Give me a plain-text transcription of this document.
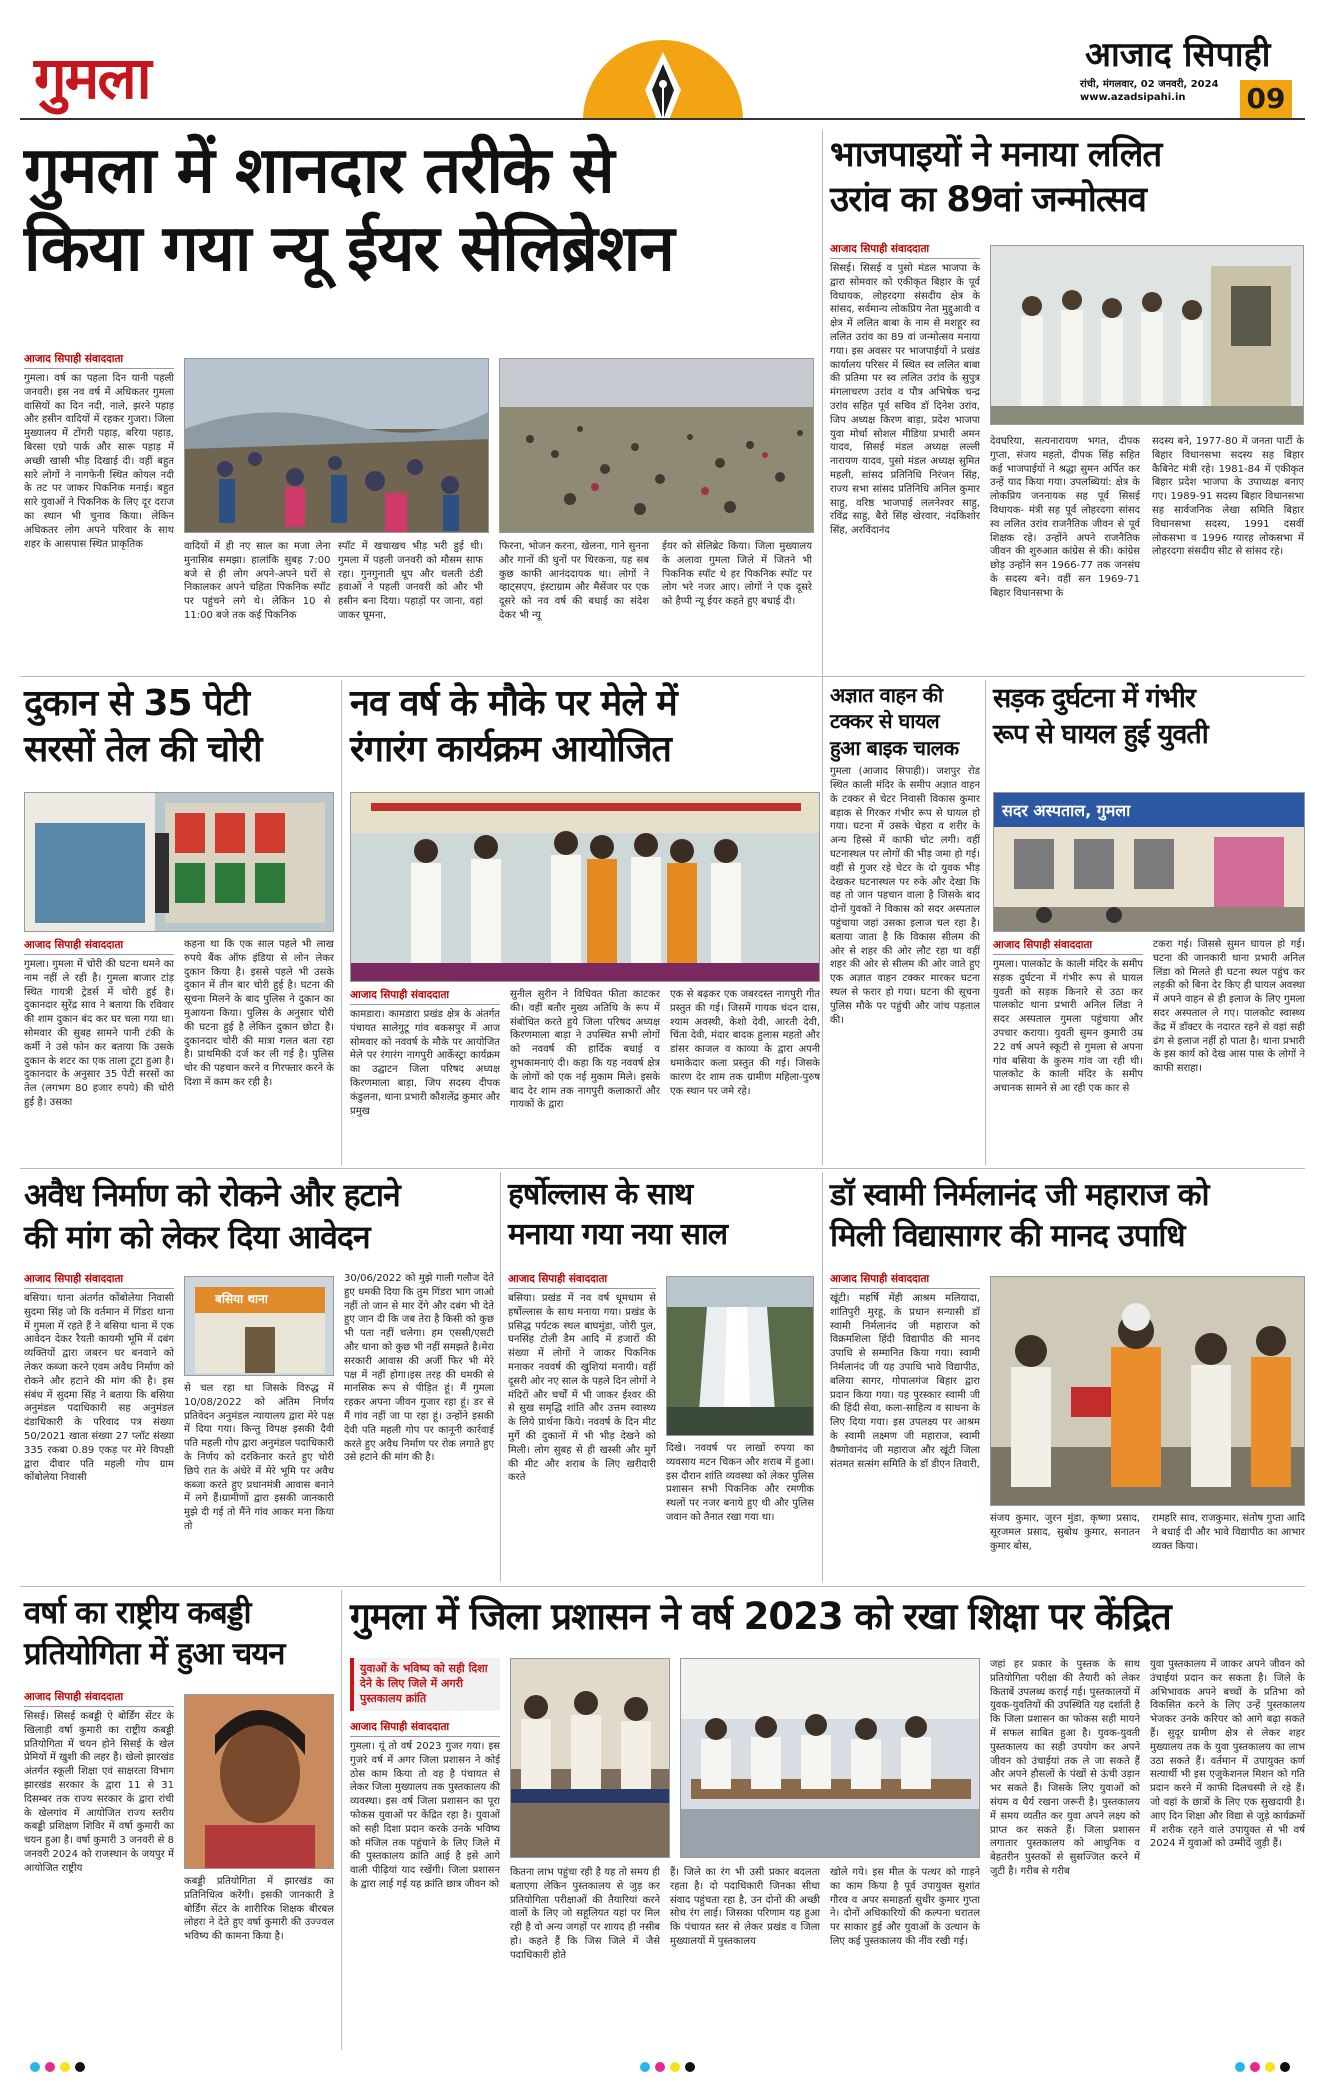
गुमला	आजाद सिपाही
रांची, मंगलवार, 02 जनवरी, 2024
www.azadsipahi.in 09
गुमला में शानदार तरीके से
किया गया न्यू ईयर सेलिब्रेशन
आजाद सिपाही संवाददाता
गुमला। वर्ष का पहला दिन यानी पहली जनवरी। इस नव वर्ष में अधिकतर गुमला वासियों का दिन नदी, नाले, झरने पहाड़ और हसीन वादियों में रहकर गुजरा। जिला मुख्यालय में टोंगरी पहाड़, बरिया पहाड़, बिरसा एग्रो पार्क और सारू पहाड़ में अच्छी खासी भीड़ दिखाई दी। वहीं बहुत सारे लोगों ने नागफेनी स्थित कोयल नदी के तट पर जाकर पिकनिक मनाई। बहुत सारे युवाओं ने पिकनिक के लिए दूर दराज का स्थान भी चुनाव किया। लेकिन अधिकतर लोग अपने परिवार के साथ शहर के आसपास स्थित प्राकृतिक	वादियों में ही नए साल का मजा लेना मुनासिब समझा। हालांकि सुबह 7:00 बजे से ही लोग अपने-अपने घरों से निकालकर अपने चहिता पिकनिक स्पॉट पर पहुंचने लगे थे। लेकिन 10 से 11:00 बजे तक कई पिकनिक
फिरना, भोजन करना, खेलना, गाने सुनना और गानों की धुनों पर थिरकना, यह सब कुछ काफी आनंददायक था। लोगों ने व्हाट्सएप, इंस्टाग्राम और मैसेंजर पर एक दूसरे को नव वर्ष की बधाई का संदेश देकर भी न्यू
ईयर को सेलिब्रेट किया। जिला मुख्यालय के अलावा गुमला जिले में जितने भी पिकनिक स्पॉट थे हर पिकनिक स्पॉट पर लोग भरे नजर आए। लोगों ने एक दूसरे को हैप्पी न्यू ईयर कहते हुए बधाई दी।
स्पॉट में खचाखच भीड़ भरी हुई थी। गुमला में पहली जनवरी को मौसम साफ रहा। गुनगुनाती धूप और चलती ठंडी हवाओं ने पहली जनवरी को और भी हसीन बना दिया। पहाड़ों पर जाना, वहां जाकर घूमना,
भाजपाइयों ने मनाया ललित
उरांव का 89वां जन्मोत्सव
आजाद सिपाही संवाददाता
सिसई। सिसई व पुसो मंडल भाजपा के द्वारा सोमवार को एकीकृत बिहार के पूर्व विधायक, लोहरदगा संसदीय क्षेत्र के सांसद, सर्वमान्य लोकप्रिय नेता मुद्दुआवी व क्षेत्र में ललित बाबा के नाम से मशहूर स्व ललित उरांव का 89 वां जन्मोत्सव मनाया गया। इस अवसर पर भाजपाईयों ने प्रखंड कार्यालय परिसर में स्थित स्व ललित बाबा की प्रतिमा पर स्व ललित उरांव के सुपुत्र मंगलाचरण उरांव व पौत्र अभिषेक चन्द्र उरांव सहित पूर्व सचिव डॉ दिनेश उरांव, जिप अध्यक्ष किरण बाड़ा, प्रदेश भाजपा युवा मोर्चा सोशल मीडिया प्रभारी अमन यादव, सिसई मंडल अध्यक्ष लल्ली नारायण यादव, पुसो मंडल अध्यक्ष सुमित महली, सांसद प्रतिनिधि निरंजन सिंह, राज्य सभा सांसद प्रतिनिधि अनिल कुमार साहु, वरिष्ठ भाजपाई ललनेश्वर साहु, रविंद्र साहु, बैरो सिंह खेरवार, नंदकिशोर सिंह, अरविंदानंद
देवघरिया, सत्यनारायण भगत, दीपक गुप्ता, संजय महतो, दीपक सिंह सहित कई भाजपाईयों ने श्रद्धा सुमन अर्पित कर उन्हें याद किया गया। उपलब्धियां: क्षेत्र के लोकप्रिय जननायक सह पूर्व सिसई विधायक- मंत्री सह पूर्व लोहरदगा सांसद स्व ललित उरांव राजनैतिक जीवन से पूर्व शिक्षक रहे। उन्होंने अपने राजनैतिक जीवन की शुरुआत कांग्रेस से की। कांग्रेस छोड़ उन्होंने सन 1966-77 तक जनसंघ के सदस्य बने। वहीं सन 1969-71 बिहार विधानसभा के
सदस्य बने, 1977-80 में जनता पार्टी के बिहार विधानसभा सदस्य सह बिहार कैबिनेट मंत्री रहे। 1981-84 में एकीकृत बिहार प्रदेश भाजपा के उपाध्यक्ष बनाए गए। 1989-91 सदस्य बिहार विधानसभा सह सार्वजनिक लेखा समिति बिहार विधानसभा सदस्य, 1991 दसवीं लोकसभा व 1996 ग्यारह लोकसभा में लोहरदगा संसदीय सीट से सांसद रहे।
दुकान से 35 पेटी
सरसों तेल की चोरी
आजाद सिपाही संवाददाता
गुमला। गुमला में चोरी की घटना थमने का नाम नहीं ले रही है। गुमला बाजार टांड़ स्थित गायत्री ट्रेडर्स में चोरी हुई है। दुकानदार सुरेंद्र साव ने बताया कि रविवार की शाम दुकान बंद कर घर चला गया था। सोमवार की सुबह सामने पानी टंकी के कर्मी ने उसे फोन कर बताया कि उसके दुकान के शटर का एक ताला टूटा हुआ है। दुकानदार के अनुसार 35 पेटी सरसों का तेल (लगभग 80 हजार रुपये) की चोरी हुई है। उसका
कहना था कि एक साल पहले भी लाख रुपये बैंक ऑफ इंडिया से लोन लेकर दुकान किया है। इससे पहले भी उसके दुकान में तीन बार चोरी हुई है। घटना की सूचना मिलने के बाद पुलिस ने दुकान का मुआयना किया। पुलिस के अनुसार चोरी की घटना हुई है लेकिन दुकान छोटा है। दुकानदार चोरी की मात्रा गलत बता रहा है। प्राथमिकी दर्ज कर ली गई है। पुलिस चोर की पहचान करने व गिरफ्तार करने के दिशा में काम कर रही है।
नव वर्ष के मौके पर मेले में
रंगारंग कार्यक्रम आयोजित
आजाद सिपाही संवाददाता
कामडारा। कामडारा प्रखंड क्षेत्र के अंतर्गत पंचायत सालेगुटू गांव बकसपुर में आज सोमवार को नववर्ष के मौके पर आयोजित मेले पर रंगारंग नागपुरी आर्केस्ट्रा कार्यक्रम का उद्घाटन जिला परिषद अध्यक्ष किरणमाला बाड़ा, जिप सदस्य दीपक कंडुलना, थाना प्रभारी कौशलेंद्र कुमार और प्रमुख
सुनील सुरीन ने विधिवत फीता काटकर की। वहीं बतौर मुख्य अतिथि के रूप में संबोधित करते हुये जिला परिषद अध्यक्ष किरणमाला बाड़ा ने उपस्थित सभी लोगों को नववर्ष की हार्दिक बधाई व शुभकामनाएं दी। कहा कि यह नववर्ष क्षेत्र के लोगों को एक नई मुकाम मिले। इसके बाद देर शाम तक नागपुरी कलाकारों और गायकों के द्वारा
एक से बढ़कर एक जबरदस्त नागपुरी गीत प्रस्तुत की गई। जिसमें गायक चंदन दास, श्याम अवस्थी, केशो देवी, आरती देवी, चिंता देवी, मंदार बादक हुलास महतो और डांसर काजल व काव्या के द्वारा अपनी धमाकेदार कला प्रस्तुत की गई। जिसके कारण देर शाम तक ग्रामीण महिला-पुरुष एक स्थान पर जमे रहे।
अज्ञात वाहन की
टक्कर से घायल
हुआ बाइक चालक
गुमला (आजाद सिपाही)। जशपुर रोड स्थित काली मंदिर के समीप अज्ञात वाहन के टक्कर से चेटर निवासी विकास कुमार बड़ाक से गिरकर गंभीर रूप से घायल हो गया। घटना में उसके चेहरा व शरीर के अन्य हिस्से में काफी चोट लगी। वहीं घटनास्थल पर लोगों की भीड़ जमा हो गई। वहीं से गुजर रहे चेटर के दो युवक भीड़ देखकर घटनास्थल पर रुके और देखा कि वह तो जान पहचान वाला है जिसके बाद दोनों युवकों ने विकास को सदर अस्पताल पहुंचाया जहां उसका इलाज चल रहा है। बताया जाता है कि विकास सीलम की ओर से शहर की ओर लौट रहा था वहीं शहर की ओर से सीलम की ओर जाते हुए एक अज्ञात वाहन टक्कर मारकर घटना स्थल से फरार हो गया। घटना की सूचना पुलिस मौके पर पहुंची और जांच पड़ताल की।
सड़क दुर्घटना में गंभीर
रूप से घायल हुई युवती
सदर अस्पताल, गुमला
आजाद सिपाही संवाददाता
गुमला। पालकोट के काली मंदिर के समीप सड़क दुर्घटना में गंभीर रूप से घायल युवती को सड़क किनारे से उठा कर पालकोट थाना प्रभारी अनिल लिंडा ने सदर अस्पताल गुमला पहुंचाया और उपचार कराया। युवती सुमन कुमारी उम्र 22 वर्ष अपने स्कूटी से गुमला से अपना गांव बसिया के कुरुम गांव जा रही थी। पालकोट के काली मंदिर के समीप अचानक सामने से आ रही एक कार से
टकरा गई। जिससे सुमन घायल हो गई। घटना की जानकारी थाना प्रभारी अनिल लिंडा को मिलते ही घटना स्थल पहुंच कर लड़की को बिना देर किए ही घायल अवस्था में अपने वाहन से ही इलाज के लिए गुमला सदर अस्पताल ले गए। पालकोट स्वास्थ्य केंद्र में डॉक्टर के नदारत रहने से वहां सही ढंग से इलाज नहीं हो पाता है। थाना प्रभारी के इस कार्य को देख आस पास के लोगों ने काफी सराहा।
अवैध निर्माण को रोकने और हटाने
की मांग को लेकर दिया आवेदन
आजाद सिपाही संवाददाता
बसिया। थाना अंतर्गत कोंबोलेया निवासी सुदमा सिंह जो कि वर्तमान में गिंडरा थाना में गुमला में रहते हैं ने बसिया थाना में एक आवेदन देकर रैयती कायमी भूमि में दबंग व्यक्तियों द्वारा जबरन घर बनवाने को लेकर कब्जा करने एवम अवैध निर्माण को रोकने और हटाने की मांग की है। इस संबंध में सुदमा सिंह ने बताया कि बसिया अनुमंडल पदाधिकारी सह अनुमंडल दंडाधिकारी के परिवाद पत्र संख्या 50/2021 खाता संख्या 27 प्लॉट संख्या 335 रकबा 0.89 एकड़ पर मेरे विपक्षी द्वारा दीवार पति महली गोप ग्राम कोंबोलेया निवासी
बसिया थाना
से चल रहा था जिसके विरुद्ध में 10/08/2022 को अंतिम निर्णय प्रतिवेदन अनुमंडल न्यायालय द्वारा मेरे पक्ष में दिया गया। किन्तु विपक्ष इसकी दैवी पति महली गोप द्वारा अनुमंडल पदाधिकारी के निर्णय को दरकिनार करते हुए चोरी छिपे रात के अंधेरे में मेरे भूमि पर अवैध कब्जा करते हुए प्रधानमंत्री आवास बनाने में लगे हैं।ग्रामीणों द्वारा इसकी जानकारी मुझे दी गई तो मैंने गांव आकर मना किया तो
30/06/2022 को मुझे गाली गलौज देते हुए धमकी दिया कि तुम गिंडरा भाग जाओ नहीं तो जान से मार देंगे और दबंग भी देते हुए जान दी कि जब तेरा है किसी को कुछ भी पता नहीं चलेगा। हम एससी/एसटी और थाना को कुछ भी नहीं समझते है।मेरा सरकारी आवास की अर्जी फिर भी मेरे पक्ष में नहीं होगा।इस तरह की धमकी से मानसिक रूप से पीड़ित हूं। मैं गुमला रहकर अपना जीवन गुजार रहा हूं। डर से मैं गांव नहीं जा पा रहा हूं। उन्होंने इसकी देवी पति महली गोप पर कानूनी कार्रवाई करते हुए अवैध निर्माण पर रोक लगाते हुए उसे हटाने की मांग की है।
हर्षोल्लास के साथ
मनाया गया नया साल
आजाद सिपाही संवाददाता
बसिया। प्रखंड में नव वर्ष धूमधाम से हर्षोल्लास के साथ मनाया गया। प्रखंड के प्रसिद्ध पर्यटक स्थल बाघमुंडा, जोरी पुल, घनसिंह टोली डैम आदि में हजारों की संख्या में लोगों ने जाकर पिकनिक मनाकर नववर्ष की खुशियां मनायी। वहीं दूसरी ओर नए साल के पहले दिन लोगों ने मंदिरों और चर्चों में भी जाकर ईश्वर की से सुख समृद्धि शांति और उत्तम स्वास्थ्य के लिये प्रार्थना किये। नववर्ष के दिन मीट मुर्गे की दुकानों में भी भीड़ देखने को मिली। लोग सुबह से ही खस्सी और मुर्गे की मीट और शराब के लिए खरीदारी करते
दिखे। नववर्ष पर लाखों रुपया का व्यवसाय मटन चिकन और शराब में हुआ।इस दौरान शांति व्यवस्था को लेकर पुलिस प्रशासन सभी पिकनिक और रमणीक स्थलों पर नजर बनाये हुए थी और पुलिस जवान को तैनात रखा गया था।
डॉ स्वामी निर्मलानंद जी महाराज को
मिली विद्यासागर की मानद उपाधि
आजाद सिपाही संवाददाता
खूंटी। महर्षि मेंही आश्रम मलियादा, शांतिपुरी मुरहू, के प्रधान सन्यासी डॉ स्वामी निर्मलानंद जी महाराज को विक्रमशिला हिंदी विद्यापीठ की मानद उपाधि से सम्मानित किया गया। स्वामी निर्मलानंद जी यह उपाधि भावे विद्यापीठ, बलिया सागर, गोपालगंज बिहार द्वारा प्रदान किया गया। यह पुरस्कार स्वामी जी की हिंदी सेवा, कला-साहित्य व साधना के लिए दिया गया। इस उपलक्ष्य पर आश्रम के स्वामी लक्ष्मण जी महाराज, स्वामी वैष्णोवानंद जी महाराज और खूंटी जिला संतमत सत्संग समिति के डॉ डीएन तिवारी,
संजय कुमार, जुरन मुंडा, कृष्णा प्रसाद, सूरजमल प्रसाद, सुबोध कुमार, सनातन कुमार बोस,
रामहरि साव, राजकुमार, संतोष गुप्ता आदि ने बधाई दी और भावे विद्यापीठ का आभार व्यक्त किया।
वर्षा का राष्ट्रीय कबड्डी
प्रतियोगिता में हुआ चयन
आजाद सिपाही संवाददाता
सिसई। सिसई कबड्डी ऐ बोर्डिंग सेंटर के खिलाड़ी वर्षा कुमारी का राष्ट्रीय कबड्डी प्रतियोगिता में चयन होने सिसई के खेल प्रेमियों में खुशी की लहर है। खेलो झारखंड अंतर्गत स्कूली शिक्षा एवं साक्षरता विभाग झारखंड सरकार के द्वारा 11 से 31 दिसम्बर तक राज्य सरकार के द्वारा रांची के खेलगांव में आयोजित राज्य स्तरीय कबड्डी प्रशिक्षण शिविर में वर्षा कुमारी का चयन हुआ है। वर्षा कुमारी 3 जनवरी से 8 जनवरी 2024 को राजस्थान के जयपुर में आयोजित राष्ट्रीय
कबड्डी प्रतियोगिता में झारखंड का प्रतिनिधित्व करेंगी। इसकी जानकारी डे बोर्डिंग सेंटर के शारीरिक शिक्षक बीरबल लोहरा ने देते हुए वर्षा कुमारी की उज्ज्वल भविष्य की कामना किया है।
गुमला में जिला प्रशासन ने वर्ष 2023 को रखा शिक्षा पर केंद्रित
युवाओं के भविष्य को सही दिशा देने के लिए जिले में अगरी पुस्तकालय क्रांति
आजाद सिपाही संवाददाता
गुमला। यूं तो वर्ष 2023 गुजर गया। इस गुजरे वर्ष में अगर जिला प्रशासन ने कोई ठोस काम किया तो वह है पंचायत से लेकर जिला मुख्यालय तक पुस्तकालय की व्यवस्था। इस वर्ष जिला प्रशासन का पूरा फोकस युवाओं पर केंद्रित रहा है। युवाओं को सही दिशा प्रदान करके उनके भविष्य को मंजिल तक पहुंचाने के लिए जिले में की पुस्तकालय क्रांति आई है इसे आगे वाली पीढ़ियां याद रखेंगी। जिला प्रशासन के द्वारा लाई गई यह क्रांति छात्र जीवन को
कितना लाभ पहुंचा रही है यह तो समय ही बताएगा लेकिन पुस्तकालय से जुड़ कर प्रतियोगिता परीक्षाओं की तैयारियां करने वालों के लिए जो सहूलियत यहां पर मिल रही है वो अन्य जगहों पर शायद ही नसीब हो। कहते हैं कि जिस जिले में जैसे पदाधिकारी होते
हैं। जिले का रंग भी उसी प्रकार बदलता रहता है। दो पदाधिकारी जिनका सीधा संवाद पहुंचता रहा है, उन दोनों की अच्छी सोच रंग लाई। जिसका परिणाम यह हुआ कि पंचायत स्तर से लेकर प्रखंड व जिला मुख्यालयों में पुस्तकालय
खोले गये। इस मील के पत्थर को गाड़ने का काम किया है पूर्व उपायुक्त सुशांत गौरव व अपर समाहर्ता सुधीर कुमार गुप्ता ने। दोनों अधिकारियों की कल्पना धरातल पर साकार हुई और युवाओं के उत्थान के लिए कई पुस्तकालय की नींव रखी गई।
जहां हर प्रकार के पुस्तक के साथ प्रतियोगिता परीक्षा की तैयारी को लेकर किताबें उपलब्ध कराई गई। पुस्तकालयों में युवक-युवतियों की उपस्थिति यह दर्शाती है कि जिला प्रशासन का फोकस सही मायने में सफल साबित हुआ है। युवक-युवती पुस्तकालय का सही उपयोग कर अपने जीवन को उंचाईयां तक ले जा सकते हैं और अपने हौसलों के पंखों से ऊंची उड़ान भर सकते हैं। जिसके लिए युवाओं को संयम व धैर्य रखना जरूरी है। पुस्तकालय में समय व्यतीत कर युवा अपने लक्ष्य को प्राप्त कर सकते हैं। जिला प्रशासन लगातार पुस्तकालय को आधुनिक व बेहतरीन पुस्तकों से सुसज्जित करने में जुटी है। गरीब से गरीब
युवा पुस्तकालय में जाकर अपने जीवन को उंचाईयां प्रदान कर सकता है। जिले के अभिभावक अपने बच्चों के प्रतिभा को विकसित करने के लिए उन्हें पुस्तकालय भेजकर उनके करियर को आगे बढ़ा सकते हैं। सुदूर ग्रामीण क्षेत्र से लेकर शहर मुख्यालय तक के युवा पुस्तकालय का लाभ उठा सकते हैं। वर्तमान में उपायुक्त कर्ण सत्यार्थी भी इस एजुकेशनल मिशन को गति प्रदान करने में काफी दिलचस्पी ले रहे हैं। जो वहां के छात्रों के लिए एक सुखदायी है। आए दिन शिक्षा और विद्या से जुड़े कार्यक्रमों में शरीक रहने वाले उपायुक्त से भी वर्ष 2024 में युवाओं को उम्मीदें जुड़ी हैं।
